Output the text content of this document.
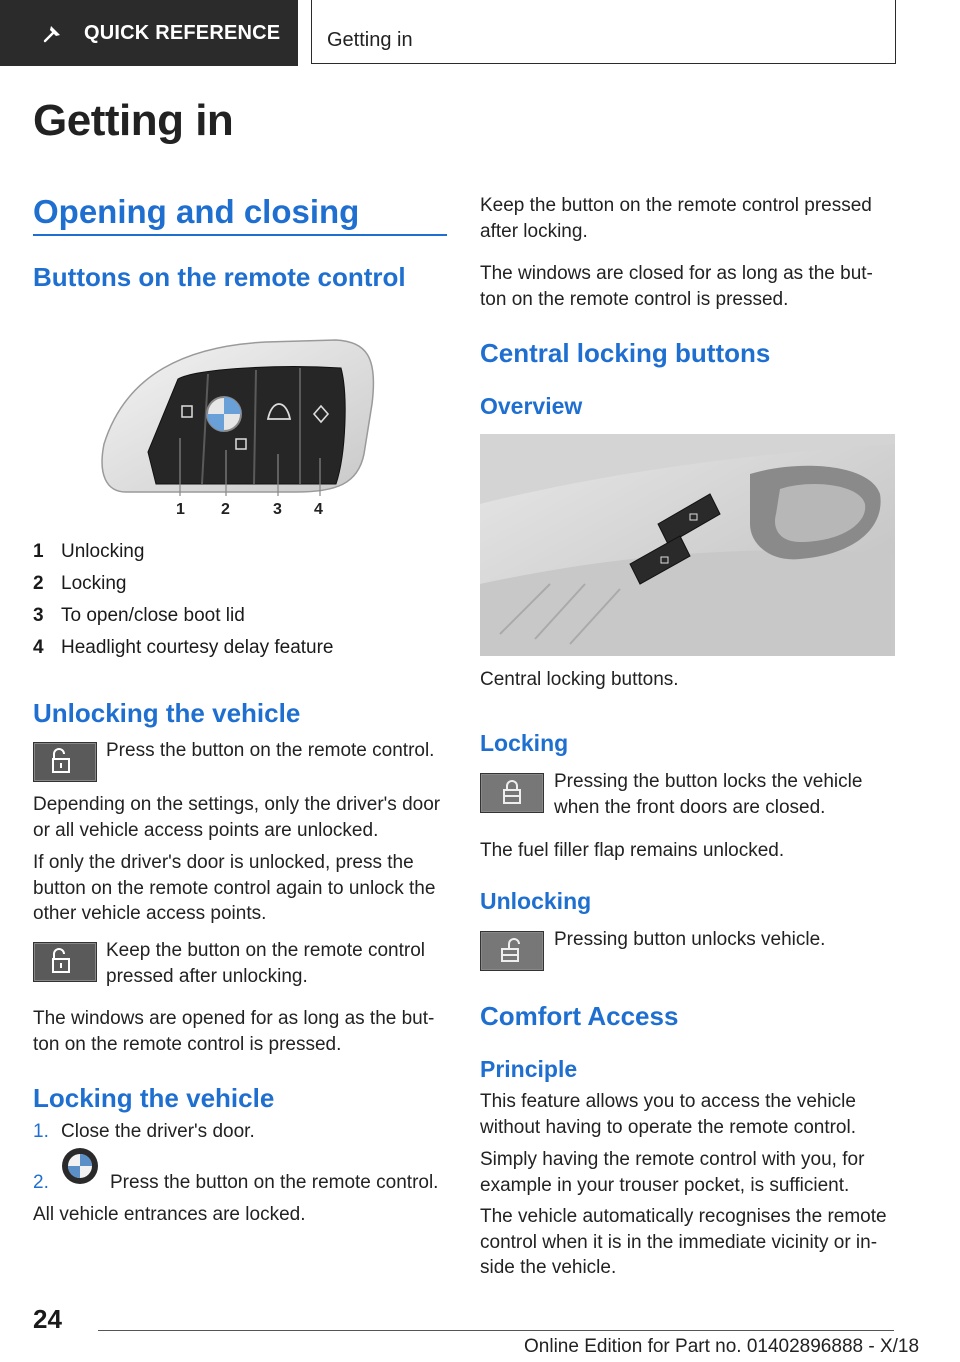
QUICK REFERENCE Getting in
Getting in
Opening and closing
Buttons on the remote control
1 2	3 4
1 Unlocking
2 Locking
3 To open/close boot lid
4 Headlight courtesy delay feature
Unlocking the vehicle
Press the button on the remote control.
Depending on the settings, only the driver's door
or all vehicle access points are unlocked.
If only the driver's door is unlocked, press the
button on the remote control again to unlock the
other vehicle access points.
Keep the button on the remote control
pressed after unlocking.
The windows are opened for as long as the but-
ton on the remote control is pressed.
Locking the vehicle
1. Close the driver's door.
2.	Press the button on the remote control.
All vehicle entrances are locked.
Keep the button on the remote control pressed
after locking.
The windows are closed for as long as the but-
ton on the remote control is pressed.
Central locking buttons
Overview
Central locking buttons.
Locking
Pressing the button locks the vehicle
when the front doors are closed.
The fuel filler flap remains unlocked.
Unlocking
Pressing button unlocks vehicle.
Comfort Access
Principle
This feature allows you to access the vehicle
without having to operate the remote control.
Simply having the remote control with you, for
example in your trouser pocket, is sufficient.
The vehicle automatically recognises the remote
control when it is in the immediate vicinity or in-
side the vehicle.
24
Online Edition for Part no. 01402896888 - X/18
